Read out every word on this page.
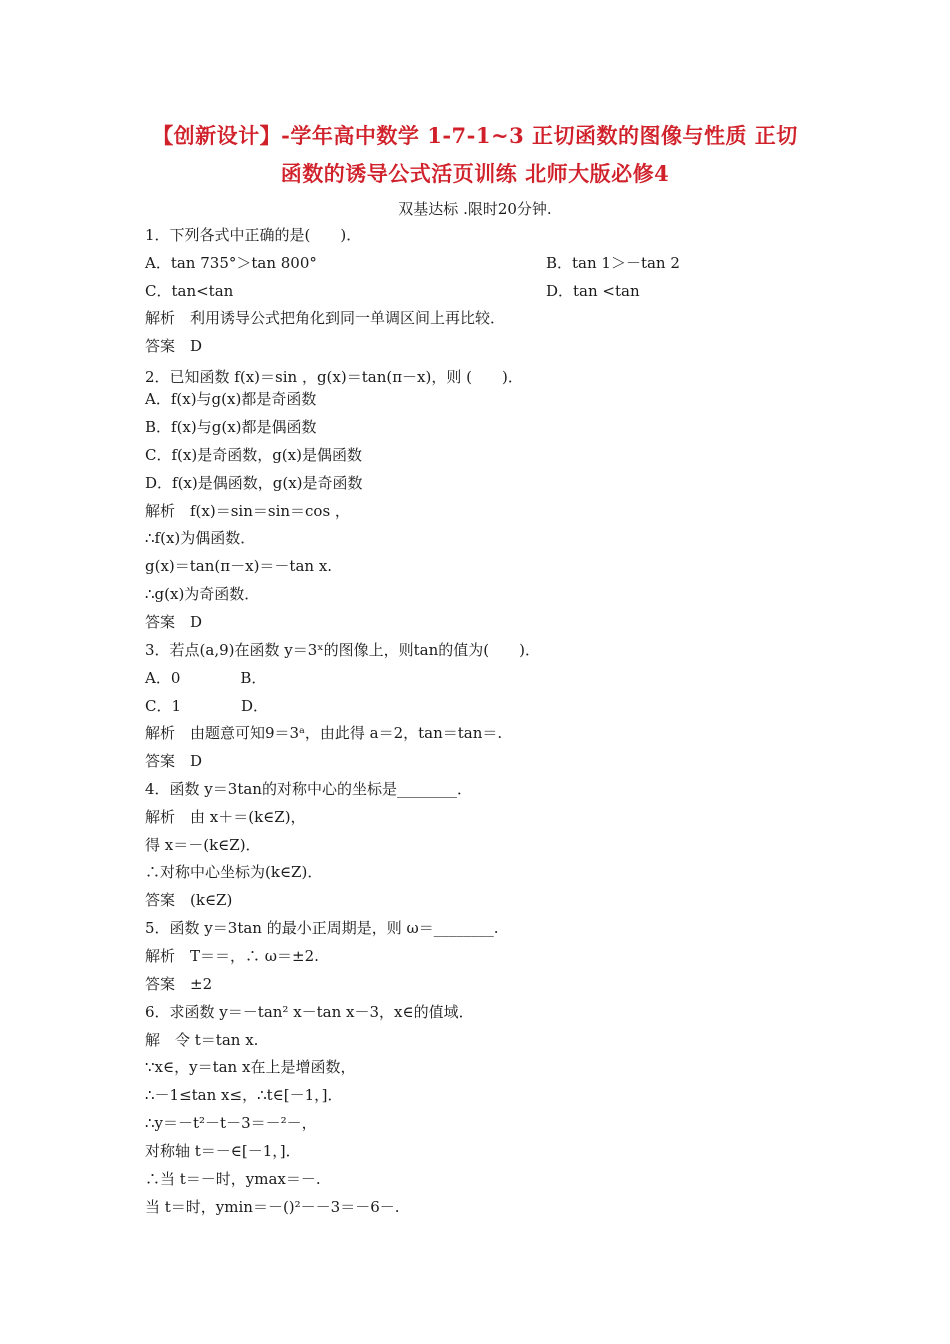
【创新设计】-学年高中数学 1-7-1~3 正切函数的图像与性质 正切
函数的诱导公式活页训练 北师大版必修4
双基达标 .限时20分钟.
1．下列各式中正确的是(　　)．
A．tan 735°＞tan 800°	B．tan 1＞－tan 2
C．tan<tan	D．tan <tan
解析　利用诱导公式把角化到同一单调区间上再比较．
答案　D
2．已知函数 f(x)＝sin ，g(x)＝tan(π－x)，则 (　　)．
A．f(x)与g(x)都是奇函数
B．f(x)与g(x)都是偶函数
C．f(x)是奇函数，g(x)是偶函数
D．f(x)是偶函数，g(x)是奇函数
解析　f(x)＝sin＝sin＝cos ，
∴f(x)为偶函数．
g(x)＝tan(π－x)＝－tan x.
∴g(x)为奇函数．
答案　D
3．若点(a,9)在函数 y＝3ˣ的图像上，则tan的值为(　　)．
A．0　　　　B．
C．1　　　　D．
解析　由题意可知9＝3ᵃ，由此得 a＝2，tan＝tan＝.
答案　D
4．函数 y＝3tan的对称中心的坐标是________．
解析　由 x＋＝(k∈Z)，
得 x＝－(k∈Z)．
∴对称中心坐标为(k∈Z)．
答案　(k∈Z)
5．函数 y＝3tan 的最小正周期是，则 ω＝________.
解析　T＝＝，∴ ω＝±2.
答案　±2
6．求函数 y＝－tan² x－tan x－3，x∈的值域．
解　令 t＝tan x.
∵x∈，y＝tan x在上是增函数，
∴－1≤tan x≤，∴t∈[－1，]．
∴y＝－t²－t－3＝－²－，
对称轴 t＝－∈[－1，]．
∴当 t＝－时，ymax＝－.
当 t＝时，ymin＝－()²－－3＝－6－.
